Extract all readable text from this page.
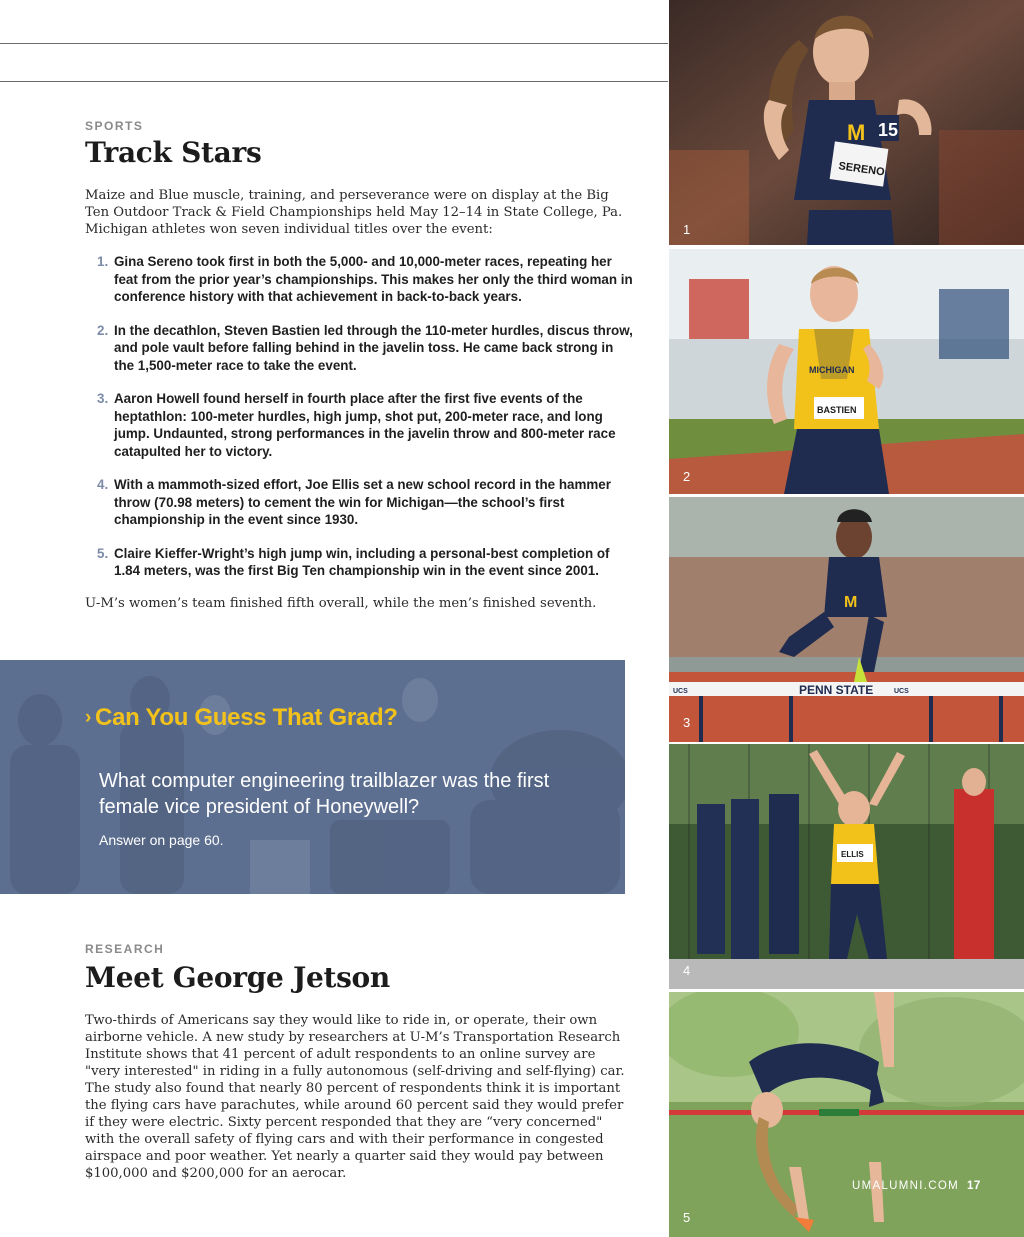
SPORTS
Track Stars

Maize and Blue muscle, training, and perseverance were on display at the Big Ten Outdoor Track & Field Championships held May 12–14 in State College, Pa. Michigan athletes won seven individual titles over the event:

1. Gina Sereno took first in both the 5,000- and 10,000-meter races, repeating her feat from the prior year’s championships. This makes her only the third woman in conference history with that achievement in back-to-back years.
2. In the decathlon, Steven Bastien led through the 110-meter hurdles, discus throw, and pole vault before falling behind in the javelin toss. He came back strong in the 1,500-meter race to take the event.
3. Aaron Howell found herself in fourth place after the first five events of the heptathlon: 100-meter hurdles, high jump, shot put, 200-meter race, and long jump. Undaunted, strong performances in the javelin throw and 800-meter race catapulted her to victory.
4. With a mammoth-sized effort, Joe Ellis set a new school record in the hammer throw (70.98 meters) to cement the win for Michigan—the school’s first championship in the event since 1930.
5. Claire Kieffer-Wright’s high jump win, including a personal-best completion of 1.84 meters, was the first Big Ten championship win in the event since 2001.

U-M’s women’s team finished fifth overall, while the men’s finished seventh.

› Can You Guess That Grad?

What computer engineering trailblazer was the first female vice president of Honeywell?

Answer on page 60.

RESEARCH
Meet George Jetson

Two-thirds of Americans say they would like to ride in, or operate, their own airborne vehicle. A new study by researchers at U-M’s Transportation Research Institute shows that 41 percent of adult respondents to an online survey are "very interested" in riding in a fully autonomous (self-driving and self-flying) car. The study also found that nearly 80 percent of respondents think it is important the flying cars have parachutes, while around 60 percent said they would prefer if they were electric. Sixty percent responded that they are “very concerned" with the overall safety of flying cars and with their performance in congested airspace and poor weather. Yet nearly a quarter said they would pay between $100,000 and $200,000 for an aerocar.

M 15
SERENO
1
MICHIGAN
BASTIEN
2
M
PENN STATE
UCS	UCS
3
ELLIS
4
5
UMALUMNI.COM 17
